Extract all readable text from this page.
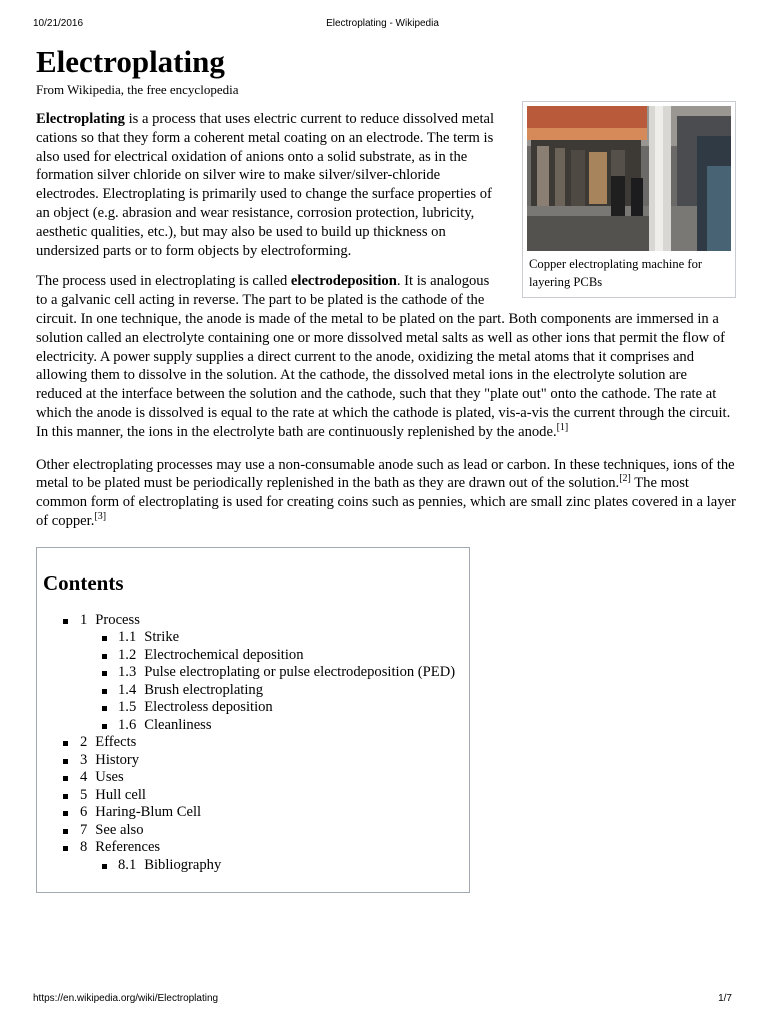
10/21/2016	Electroplating - Wikipedia
Electroplating
From Wikipedia, the free encyclopedia
Copper electroplating machine for layering PCBs

Electroplating is a process that uses electric current to reduce dissolved metal cations so that they form a coherent metal coating on an electrode. The term is also used for electrical oxidation of anions onto a solid substrate, as in the formation silver chloride on silver wire to make silver/silver-chloride electrodes. Electroplating is primarily used to change the surface properties of an object (e.g. abrasion and wear resistance, corrosion protection, lubricity, aesthetic qualities, etc.), but may also be used to build up thickness on undersized parts or to form objects by electroforming.

The process used in electroplating is called electrodeposition. It is analogous to a galvanic cell acting in reverse. The part to be plated is the cathode of the circuit. In one technique, the anode is made of the metal to be plated on the part. Both components are immersed in a solution called an electrolyte containing one or more dissolved metal salts as well as other ions that permit the flow of electricity. A power supply supplies a direct current to the anode, oxidizing the metal atoms that it comprises and allowing them to dissolve in the solution. At the cathode, the dissolved metal ions in the electrolyte solution are reduced at the interface between the solution and the cathode, such that they "plate out" onto the cathode. The rate at which the anode is dissolved is equal to the rate at which the cathode is plated, vis-a-vis the current through the circuit. In this manner, the ions in the electrolyte bath are continuously replenished by the anode.[1]

Other electroplating processes may use a non-consumable anode such as lead or carbon. In these techniques, ions of the metal to be plated must be periodically replenished in the bath as they are drawn out of the solution.[2] The most common form of electroplating is used for creating coins such as pennies, which are small zinc plates covered in a layer of copper.[3]

Contents
1 Process
1.1 Strike
1.2 Electrochemical deposition
1.3 Pulse electroplating or pulse electrodeposition (PED)
1.4 Brush electroplating
1.5 Electroless deposition
1.6 Cleanliness
2 Effects
3 History
4 Uses
5 Hull cell
6 Haring-Blum Cell
7 See also
8 References
8.1 Bibliography
https://en.wikipedia.org/wiki/Electroplating	1/7
